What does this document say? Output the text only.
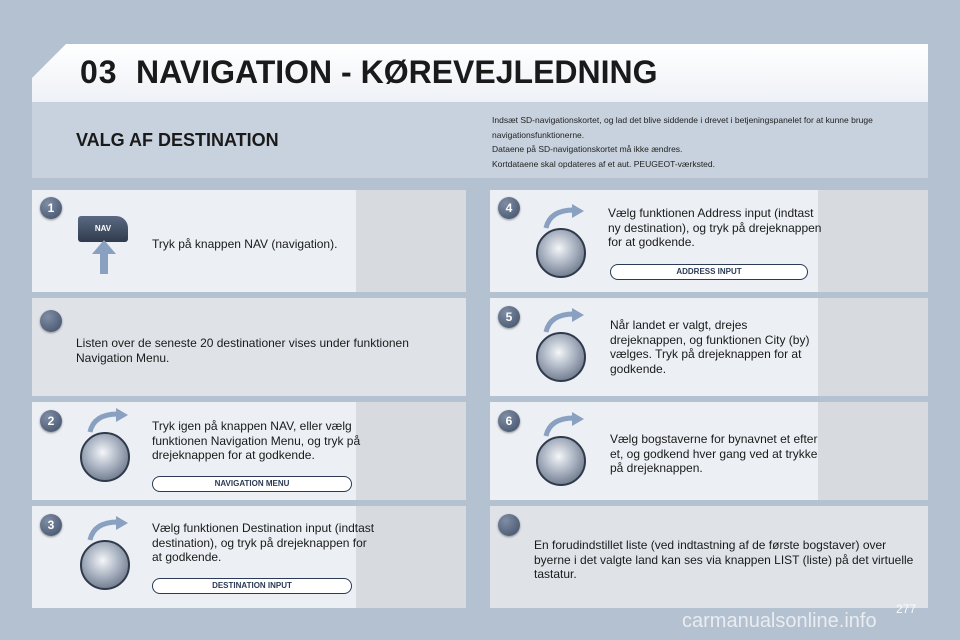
03 NAVIGATION - KØREVEJLEDNING
VALG AF DESTINATION
Indsæt SD-navigationskortet, og lad det blive siddende i drevet i betjeningspanelet for at kunne bruge
navigationsfunktionerne.
Dataene på SD-navigationskortet må ikke ændres.
Kortdataene skal opdateres af et aut. PEUGEOT-værksted.
1
NAV
Tryk på knappen NAV (navigation).
Listen over de seneste 20 destinationer vises under funktionen Navigation Menu.
2	Tryk igen på knappen NAV, eller vælg funktionen Navigation Menu, og tryk på drejeknappen for at godkende.
NAVIGATION MENU
3	Vælg funktionen Destination input (indtast destination), og tryk på drejeknappen for at godkende.
DESTINATION INPUT
4	Vælg funktionen Address input (indtast ny destination), og tryk på drejeknappen for at godkende.
ADDRESS INPUT
5
Når landet er valgt, drejes drejeknappen, og funktionen City (by) vælges. Tryk på drejeknappen for at godkende.
6
Vælg bogstaverne for bynavnet et efter et, og godkend hver gang ved at trykke på drejeknappen.
En forudindstillet liste (ved indtastning af de første bogstaver) over byerne i det valgte land kan ses via knappen LIST (liste) på det virtuelle tastatur.
277
carmanualsonline.info
